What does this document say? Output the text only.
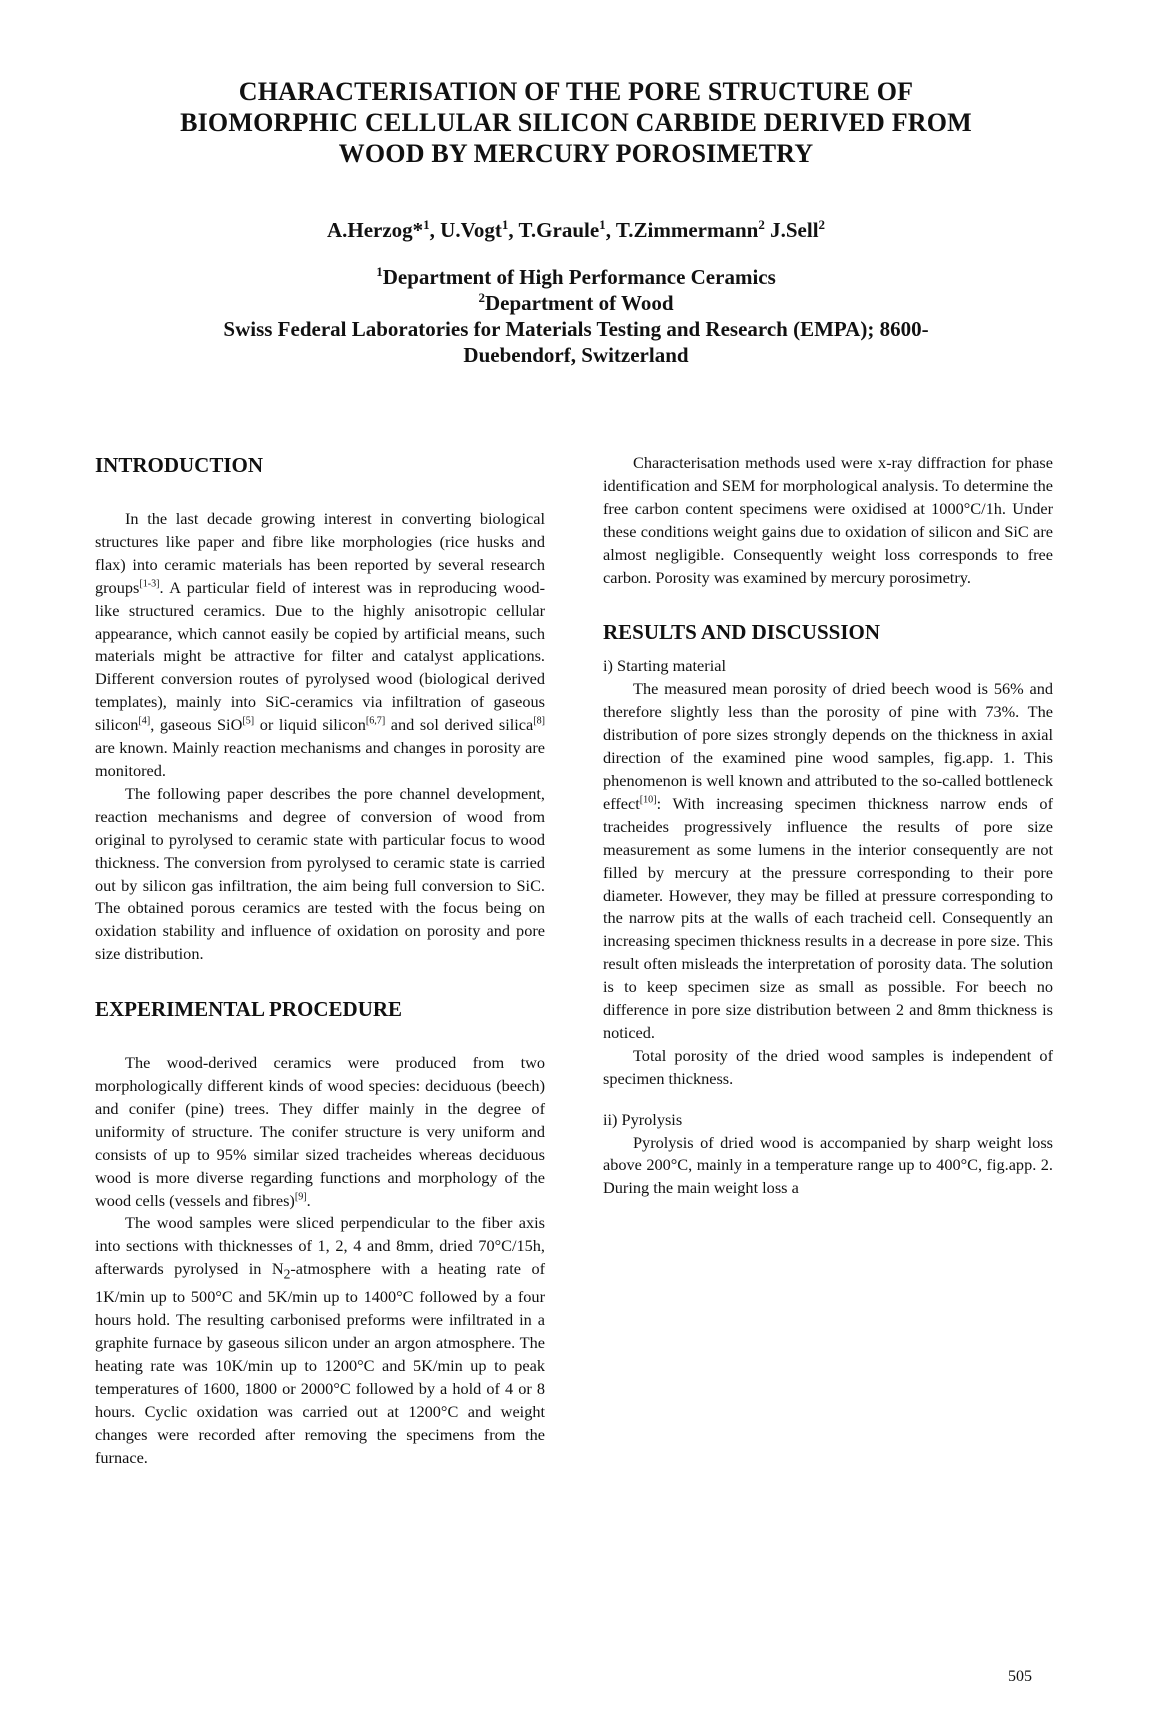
CHARACTERISATION OF THE PORE STRUCTURE OF
BIOMORPHIC CELLULAR SILICON CARBIDE DERIVED FROM
WOOD BY MERCURY POROSIMETRY
A.Herzog*$^1$, U.Vogt$^1$, T.Graule$^1$, T.Zimmermann$^2$ J.Sell$^2$
$^1$Department of High Performance Ceramics
$^2$Department of Wood
Swiss Federal Laboratories for Materials Testing and Research (EMPA); 8600-
Duebendorf, Switzerland
INTRODUCTION

In the last decade growing interest in converting biological structures like paper and fibre like morphologies (rice husks and flax) into ceramic materials has been reported by several research groups[1-3]. A particular field of interest was in reproducing wood-like structured ceramics. Due to the highly anisotropic cellular appearance, which cannot easily be copied by artificial means, such materials might be attractive for filter and catalyst applications. Different conversion routes of pyrolysed wood (biological derived templates), mainly into SiC-ceramics via infiltration of gaseous silicon[4], gaseous SiO[5] or liquid silicon[6,7] and sol derived silica[8] are known. Mainly reaction mechanisms and changes in porosity are monitored.

The following paper describes the pore channel development, reaction mechanisms and degree of conversion of wood from original to pyrolysed to ceramic state with particular focus to wood thickness. The conversion from pyrolysed to ceramic state is carried out by silicon gas infiltration, the aim being full conversion to SiC. The obtained porous ceramics are tested with the focus being on oxidation stability and influence of oxidation on porosity and pore size distribution.

EXPERIMENTAL PROCEDURE

The wood-derived ceramics were produced from two morphologically different kinds of wood species: deciduous (beech) and conifer (pine) trees. They differ mainly in the degree of uniformity of structure. The conifer structure is very uniform and consists of up to 95% similar sized tracheides whereas deciduous wood is more diverse regarding functions and morphology of the wood cells (vessels and fibres)[9].

The wood samples were sliced perpendicular to the fiber axis into sections with thicknesses of 1, 2, 4 and 8mm, dried 70°C/15h, afterwards pyrolysed in $N_2$-atmosphere with a heating rate of 1K/min up to 500°C and 5K/min up to 1400°C followed by a four hours hold. The resulting carbonised preforms were infiltrated in a graphite furnace by gaseous silicon under an argon atmosphere. The heating rate was 10K/min up to 1200°C and 5K/min up to peak temperatures of 1600, 1800 or 2000°C followed by a hold of 4 or 8 hours. Cyclic oxidation was carried out at 1200°C and weight changes were recorded after removing the specimens from the furnace.

Characterisation methods used were x-ray diffraction for phase identification and SEM for morphological analysis. To determine the free carbon content specimens were oxidised at 1000°C/1h. Under these conditions weight gains due to oxidation of silicon and SiC are almost negligible. Consequently weight loss corresponds to free carbon. Porosity was examined by mercury porosimetry.

RESULTS AND DISCUSSION

i) Starting material

The measured mean porosity of dried beech wood is 56% and therefore slightly less than the porosity of pine with 73%. The distribution of pore sizes strongly depends on the thickness in axial direction of the examined pine wood samples, fig.app. 1. This phenomenon is well known and attributed to the so-called bottleneck effect[10]: With increasing specimen thickness narrow ends of tracheides progressively influence the results of pore size measurement as some lumens in the interior consequently are not filled by mercury at the pressure corresponding to their pore diameter. However, they may be filled at pressure corresponding to the narrow pits at the walls of each tracheid cell. Consequently an increasing specimen thickness results in a decrease in pore size. This result often misleads the interpretation of porosity data. The solution is to keep specimen size as small as possible. For beech no difference in pore size distribution between 2 and 8mm thickness is noticed.

Total porosity of the dried wood samples is independent of specimen thickness.

ii) Pyrolysis

Pyrolysis of dried wood is accompanied by sharp weight loss above 200°C, mainly in a temperature range up to 400°C, fig.app. 2. During the main weight loss a

505
